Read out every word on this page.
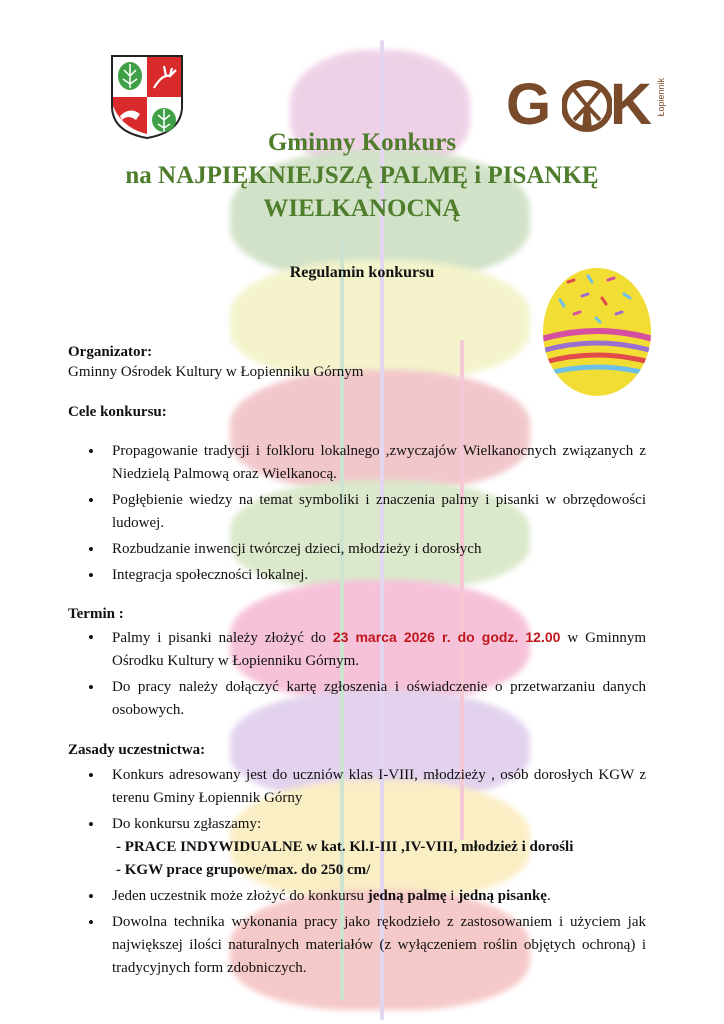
G K Łopiennik
Gminny Konkurs
na NAJPIĘKNIEJSZĄ PALMĘ i PISANKĘ
WIELKANOCNĄ
Regulamin konkursu
Organizator:
Gminny Ośrodek Kultury w Łopienniku Górnym
Cele konkursu:
• Propagowanie tradycji i folkloru lokalnego ,zwyczajów Wielkanocnych związanych z Niedzielą Palmową oraz Wielkanocą.
• Pogłębienie wiedzy na temat symboliki i znaczenia palmy i pisanki w obrzędowości ludowej.
• Rozbudzanie inwencji twórczej dzieci, młodzieży i dorosłych
• Integracja społeczności lokalnej.
Termin :
• Palmy i pisanki należy złożyć do 23 marca 2026 r. do godz. 12.00 w Gminnym Ośrodku Kultury w Łopienniku Górnym.
• Do pracy należy dołączyć kartę zgłoszenia i oświadczenie o przetwarzaniu danych osobowych.
Zasady uczestnictwa:
• Konkurs adresowany jest do uczniów klas I-VIII, młodzieży , osób dorosłych KGW z terenu Gminy Łopiennik Górny
• Do konkursu zgłaszamy:
- PRACE INDYWIDUALNE w kat. Kl.I-III ,IV-VIII, młodzież i dorośli
- KGW prace grupowe/max. do 250 cm/
• Jeden uczestnik może złożyć do konkursu jedną palmę i jedną pisankę.
• Dowolna technika wykonania pracy jako rękodzieło z zastosowaniem i użyciem jak największej ilości naturalnych materiałów (z wyłączeniem roślin objętych ochroną) i tradycyjnych form zdobniczych.
